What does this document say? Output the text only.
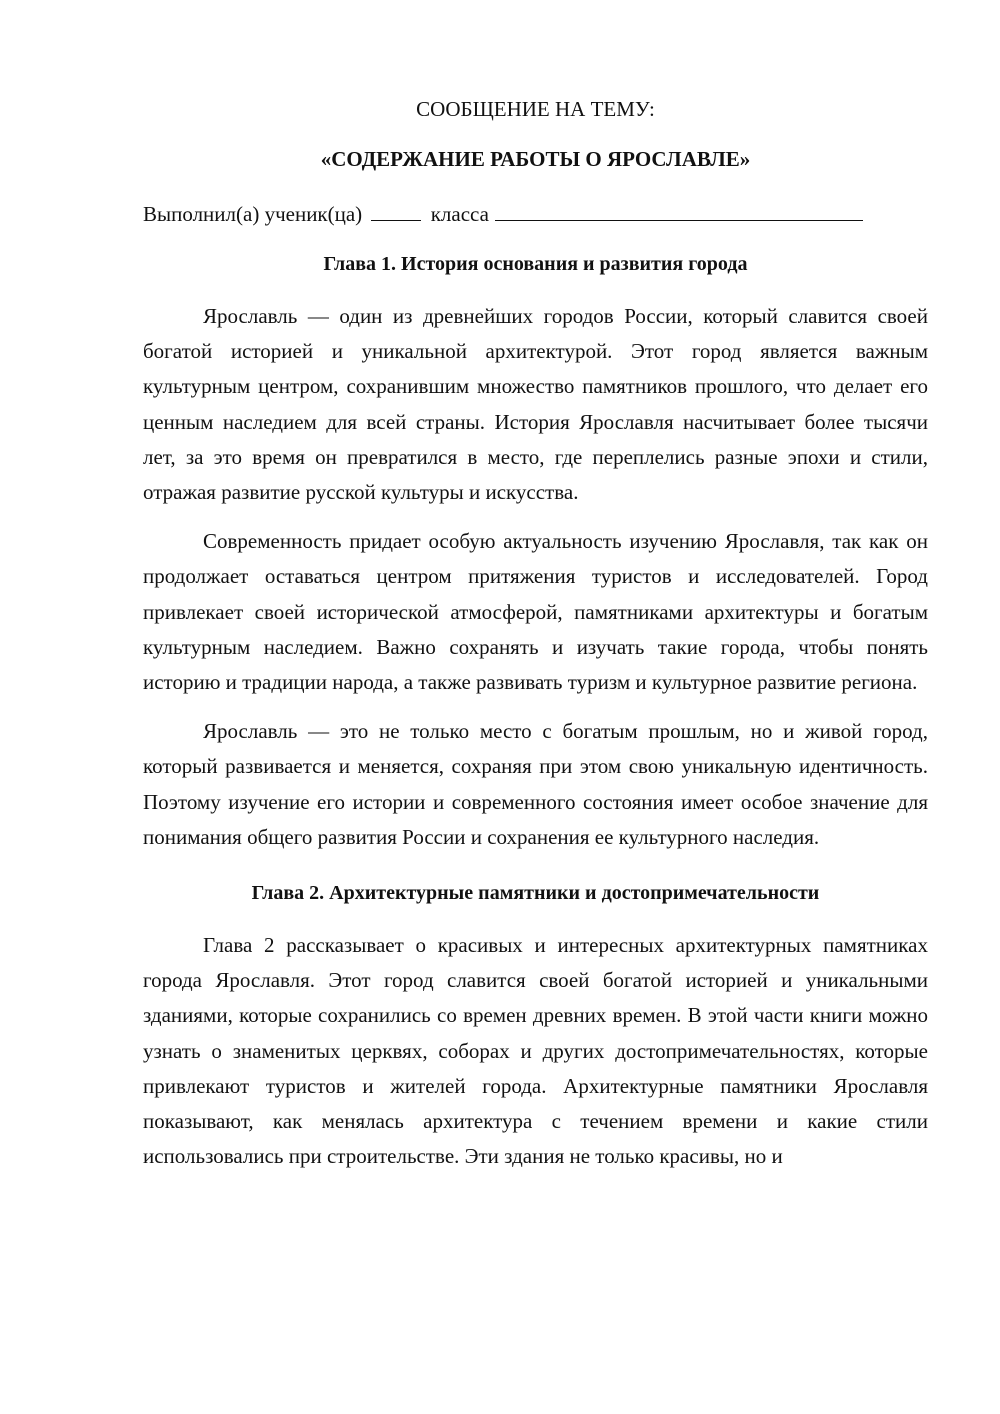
СООБЩЕНИЕ НА ТЕМУ:

«СОДЕРЖАНИЕ РАБОТЫ О ЯРОСЛАВЛЕ»

Выполнил(а) ученик(ца)	класса

Глава 1. История основания и развития города

Ярославль — один из древнейших городов России, который славится своей богатой историей и уникальной архитектурой. Этот город является важным культурным центром, сохранившим множество памятников прошлого, что делает его ценным наследием для всей страны. История Ярославля насчитывает более тысячи лет, за это время он превратился в место, где переплелись разные эпохи и стили, отражая развитие русской культуры и искусства.

Современность придает особую актуальность изучению Ярославля, так как он продолжает оставаться центром притяжения туристов и исследователей. Город привлекает своей исторической атмосферой, памятниками архитектуры и богатым культурным наследием. Важно сохранять и изучать такие города, чтобы понять историю и традиции народа, а также развивать туризм и культурное развитие региона.

Ярославль — это не только место с богатым прошлым, но и живой город, который развивается и меняется, сохраняя при этом свою уникальную идентичность. Поэтому изучение его истории и современного состояния имеет особое значение для понимания общего развития России и сохранения ее культурного наследия.

Глава 2. Архитектурные памятники и достопримечательности

Глава 2 рассказывает о красивых и интересных архитектурных памятниках города Ярославля. Этот город славится своей богатой историей и уникальными зданиями, которые сохранились со времен древних времен. В этой части книги можно узнать о знаменитых церквях, соборах и других достопримечательностях, которые привлекают туристов и жителей города. Архитектурные памятники Ярославля показывают, как менялась архитектура с течением времени и какие стили использовались при строительстве. Эти здания не только красивы, но и
